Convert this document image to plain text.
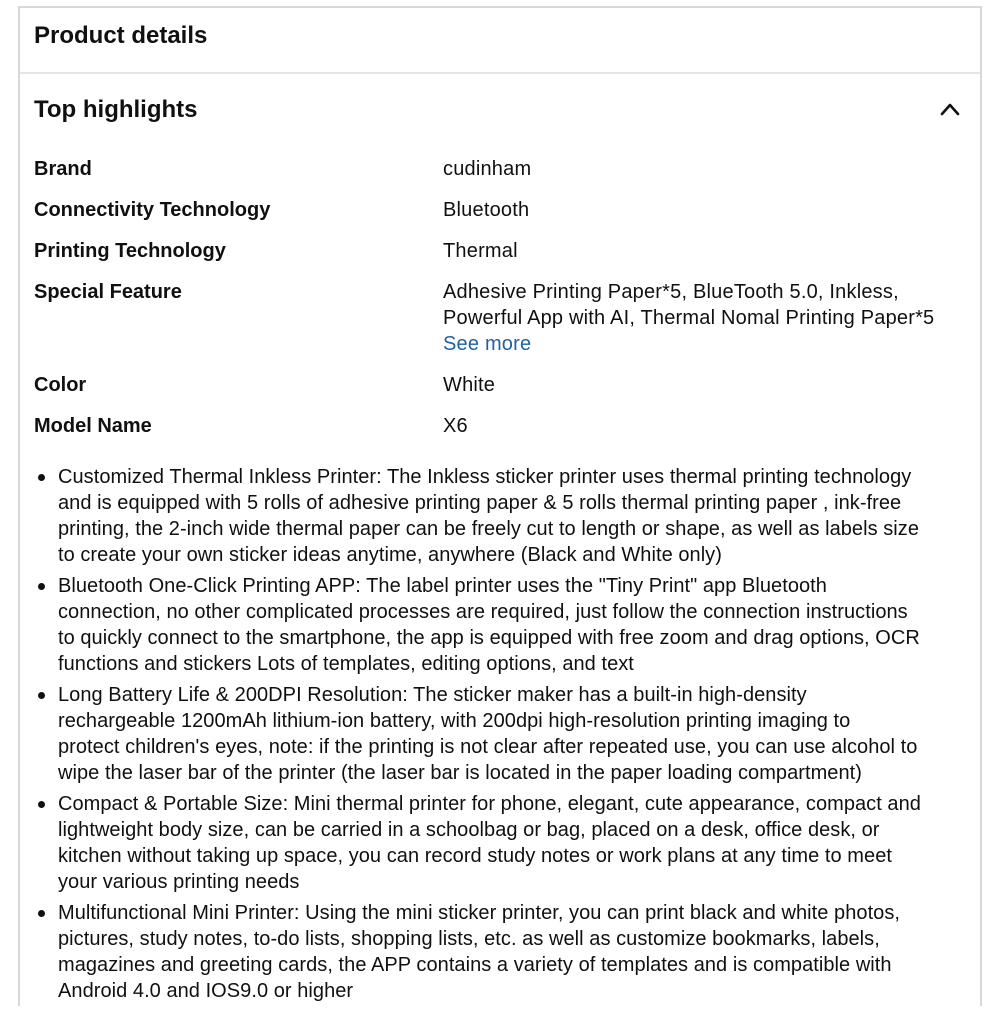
Product details
Top highlights
Brand	cudinham
Connectivity Technology	Bluetooth
Printing Technology	Thermal
Special Feature	Adhesive Printing Paper*5, BlueTooth 5.0, Inkless,
Powerful App with AI, Thermal Nomal Printing Paper*5
See more
Color	White
Model Name	X6
Customized Thermal Inkless Printer: The Inkless sticker printer uses thermal printing technology
and is equipped with 5 rolls of adhesive printing paper & 5 rolls thermal printing paper , ink-free
printing, the 2-inch wide thermal paper can be freely cut to length or shape, as well as labels size
to create your own sticker ideas anytime, anywhere (Black and White only)
Bluetooth One-Click Printing APP: The label printer uses the "Tiny Print" app Bluetooth
connection, no other complicated processes are required, just follow the connection instructions
to quickly connect to the smartphone, the app is equipped with free zoom and drag options, OCR
functions and stickers Lots of templates, editing options, and text
Long Battery Life & 200DPI Resolution: The sticker maker has a built-in high-density
rechargeable 1200mAh lithium-ion battery, with 200dpi high-resolution printing imaging to
protect children's eyes, note: if the printing is not clear after repeated use, you can use alcohol to
wipe the laser bar of the printer (the laser bar is located in the paper loading compartment)
Compact & Portable Size: Mini thermal printer for phone, elegant, cute appearance, compact and
lightweight body size, can be carried in a schoolbag or bag, placed on a desk, office desk, or
kitchen without taking up space, you can record study notes or work plans at any time to meet
your various printing needs
Multifunctional Mini Printer: Using the mini sticker printer, you can print black and white photos,
pictures, study notes, to-do lists, shopping lists, etc. as well as customize bookmarks, labels,
magazines and greeting cards, the APP contains a variety of templates and is compatible with
Android 4.0 and IOS9.0 or higher
